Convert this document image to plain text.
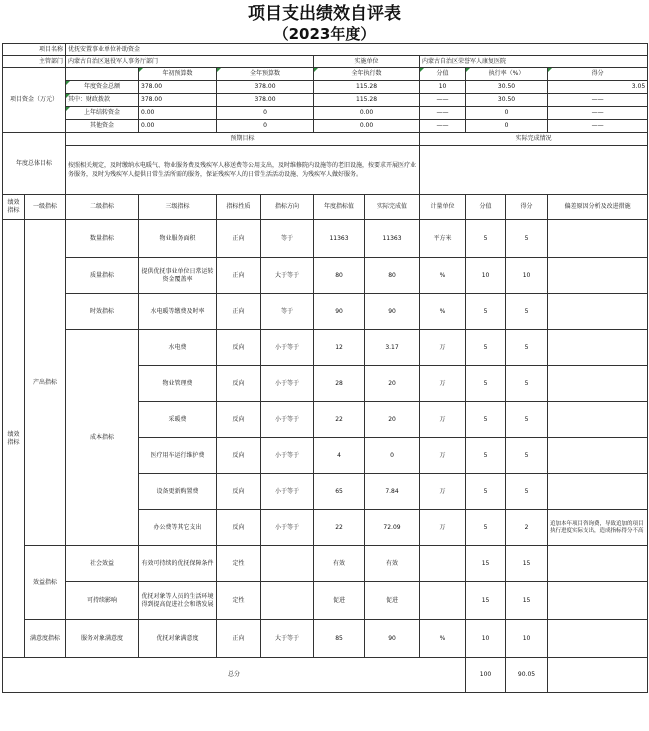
项目支出绩效自评表
（2023年度）
项目名称		优抚安置事业单位补助资金									
主管部门		内蒙古自治区退役军人事务厅部门				实施单位		内蒙古自治区荣誉军人康复医院			
项目资金（万元）			年初预算数	全年预算数		全年执行数		分值	执行率（%）		得分
		年度资金总额	378.00	378.00		115.28		10	30.50		3.05
		其中：财政拨款	378.00	378.00		115.28		——	30.50		——
		上年结转资金	0.00	0		0.00		——	0		——
		其他资金	0.00	0		0.00		——	0		——
年度总体目标		预期目标						实际完成情况			
		按照相关规定，及时缴纳水电暖气、物业服务费及残疾军人移送费等公用支出，及时维修院内设施等的老旧设施，按要求开展医疗业务服务，及时为残疾军人提供日常生活所需的服务，保证残疾军人的日常生活活动设施、为残疾军人做好服务。									
绩效指标	一级指标	二级指标	三级指标	指标性质	指标方向	年度指标值	实际完成值	计量单位	分值	得分	偏差原因分析及改进措施
绩效指标	产出指标	数量指标	物业服务面积	正向	等于	11363	11363	平方米	5	5	
		质量指标	提供优抚事业单位日常运转资金覆盖率	正向	大于等于	80	80	%	10	10	
		时效指标	水电暖等缴费及时率	正向	等于	90	90	%	5	5	
		成本指标	水电费	反向	小于等于	12	3.17	万	5	5	
			物业管理费	反向	小于等于	28	20	万	5	5	
			采暖费	反向	小于等于	22	20	万	5	5	
			医疗用车运行维护费	反向	小于等于	4	0	万	5	5	
			设备更新购置费	反向	小于等于	65	7.84	万	5	5	
			办公费等其它支出	反向	小于等于	22	72.09	万	5	2	追加本年项目咨询费，导致追加的项目执行进度实际支出，造成指标得分不高
	效益指标	社会效益	有效可持续的优抚保障条件	定性		有效	有效		15	15	
		可持续影响	优抚对象等人员的生活环境得到提高促进社会和谐发展	定性		促进	促进		15	15	
	满意度指标	服务对象满意度	优抚对象满意度	正向	大于等于	85	90	%	10	10	
总分									100	90.05	
